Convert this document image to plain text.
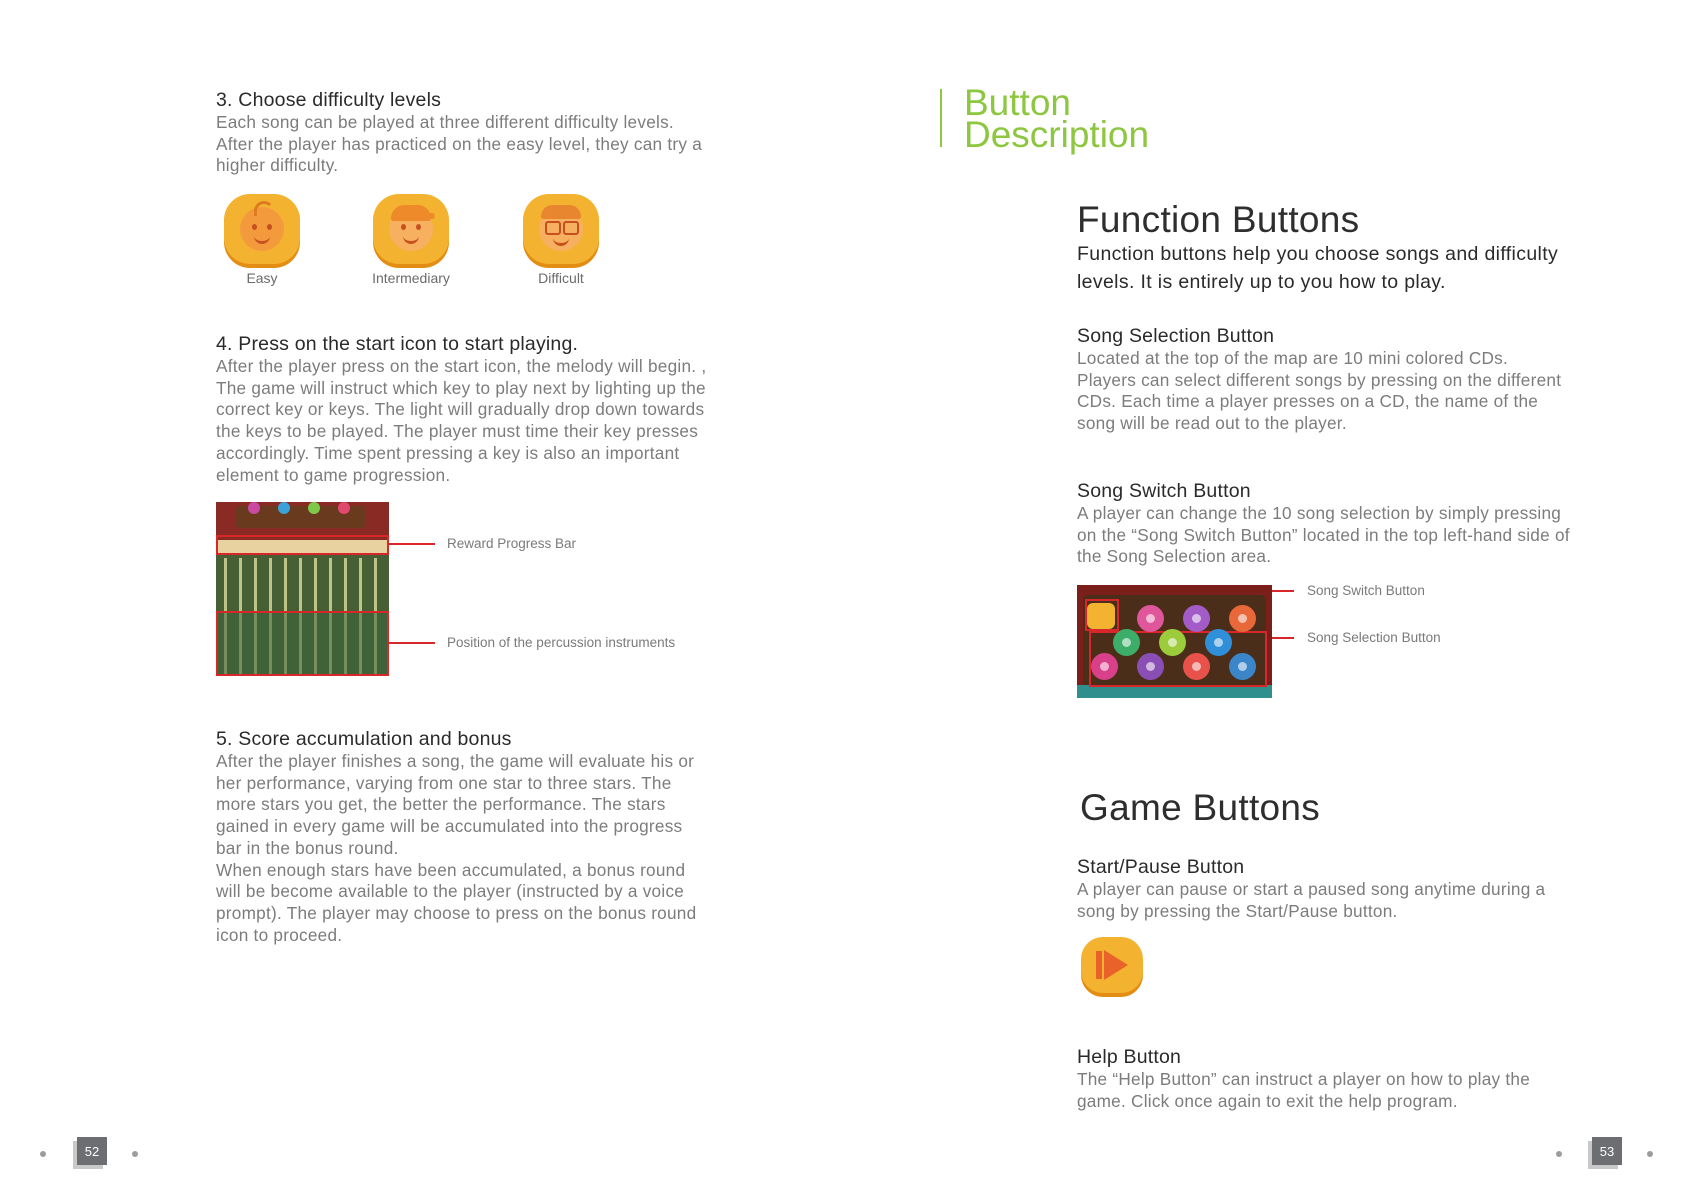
3. Choose difficulty levels

Each song can be played at three different difficulty levels.

After the player has practiced on the easy level, they can try a

higher difficulty.

Easy	Intermediary	Difficult

4. Press on the start icon to start playing.

After the player press on the start icon, the melody will begin. ,

The game will instruct which key to play next by lighting up the

correct key or keys. The light will gradually drop down towards

the keys to be played. The player must time their key presses

accordingly. Time spent pressing a key is also an important

element to game progression.

Reward Progress Bar
Position of the percussion instruments

5. Score accumulation and bonus

After the player finishes a song, the game will evaluate his or

her performance, varying from one star to three stars. The

more stars you get, the better the performance. The stars

gained in every game will be accumulated into the progress

bar in the bonus round.

When enough stars have been accumulated, a bonus round

will be become available to the player (instructed by a voice

prompt). The player may choose to press on the bonus round

icon to proceed.

52

Button

Description

Function Buttons

Function buttons help you choose songs and difficulty

levels. It is entirely up to you how to play.

Song Selection Button

Located at the top of the map are 10 mini colored CDs.

Players can select different songs by pressing on the different

CDs. Each time a player presses on a CD, the name of the

song will be read out to the player.

Song Switch Button

A player can change the 10 song selection by simply pressing

on the “Song Switch Button” located in the top left-hand side of

the Song Selection area.

Song Switch Button
Song Selection Button

Game Buttons

Start/Pause Button

A player can pause or start a paused song anytime during a

song by pressing the Start/Pause button.

Help Button

The “Help Button” can instruct a player on how to play the

game. Click once again to exit the help program.

53
